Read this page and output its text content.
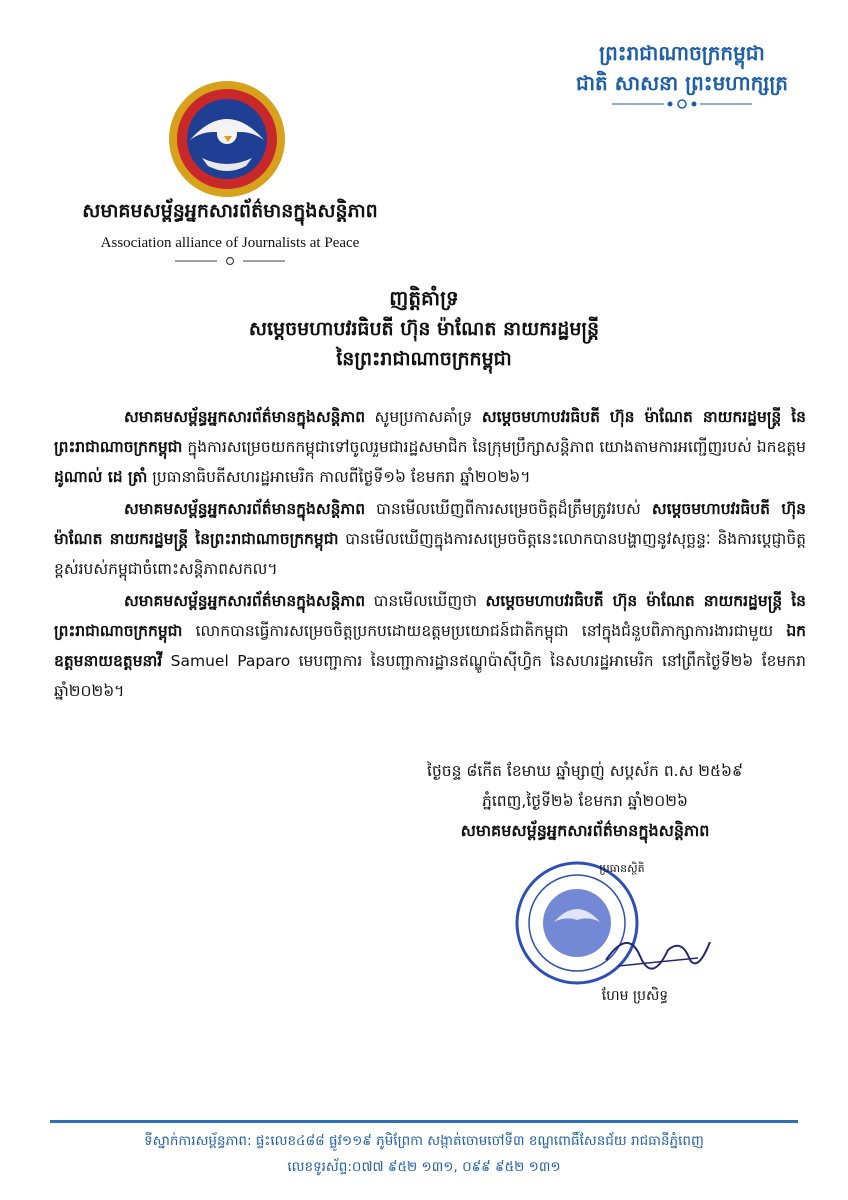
ព្រះរាជាណាចក្រកម្ពុជា
ជាតិ សាសនា ព្រះមហាក្សត្រ
សមាគមសម្ព័ន្ធអ្នកសារព័ត៌មានក្នុងសន្តិភាព
Association alliance of Journalists at Peace
ញត្តិគាំទ្រ
សម្តេចមហាបវរធិបតី ហ៊ុន ម៉ាណែត នាយករដ្ឋមន្ត្រី
នៃព្រះរាជាណាចក្រកម្ពុជា

សមាគមសម្ព័ន្ធអ្នកសារព័ត៌មានក្នុងសន្តិភាព សូមប្រកាសគាំទ្រ សម្តេចមហាបវរធិបតី ហ៊ុន ម៉ាណែត នាយករដ្ឋមន្ត្រី នៃព្រះរាជាណាចក្រកម្ពុជា ក្នុងការសម្រេចយកកម្ពុជាទៅចូលរួមជារដ្ឋសមាជិក នៃក្រុមប្រឹក្សាសន្តិភាព យោងតាមការអញ្ជើញរបស់ ឯកឧត្តម ដូណាល់ ដេ ត្រាំ ប្រធានាធិបតីសហរដ្ឋអាមេរិក កាលពីថ្ងៃទី១៦ ខែមករា ឆ្នាំ២០២៦។

សមាគមសម្ព័ន្ធអ្នកសារព័ត៌មានក្នុងសន្តិភាព បានមើលឃើញពីការសម្រេចចិត្តដ៏ត្រឹមត្រូវរបស់ សម្តេចមហាបវរធិបតី ហ៊ុន ម៉ាណែត នាយករដ្ឋមន្ត្រី នៃព្រះរាជាណាចក្រកម្ពុជា បានមើលឃើញក្នុងការសម្រេចចិត្តនេះលោកបានបង្ហាញនូវសុច្ឆន្ទៈ និងការប្តេជ្ញាចិត្តខ្ពស់របស់កម្ពុជាចំពោះសន្តិភាពសកល។

សមាគមសម្ព័ន្ធអ្នកសារព័ត៌មានក្នុងសន្តិភាព បានមើលឃើញថា សម្តេចមហាបវរធិបតី ហ៊ុន ម៉ាណែត នាយករដ្ឋមន្ត្រី នៃព្រះរាជាណាចក្រកម្ពុជា លោកបានធ្វើការសម្រេចចិត្តប្រកបដោយឧត្តមប្រយោជន៍ជាតិកម្ពុជា នៅក្នុងជំនួបពិភាក្សាការងារជាមួយ ឯកឧត្តមនាយឧត្តមនាវី Samuel Paparo មេបញ្ជាការ នៃបញ្ជាការដ្ឋានឥណ្ឌូប៉ាស៊ីហ្វិក នៃសហរដ្ឋអាមេរិក នៅព្រឹកថ្ងៃទី២៦ ខែមករា ឆ្នាំ២០២៦។

ថ្ងៃចន្ទ ៨កើត ខែមាឃ ឆ្នាំម្សាញ់ សប្តស័ក ព.ស ២៥៦៩
ភ្នំពេញ,ថ្ងៃទី២៦ ខែមករា ឆ្នាំ២០២៦
សមាគមសម្ព័ន្ធអ្នកសារព័ត៌មានក្នុងសន្តិភាព
ប្រធានស្ថិតិ
ហែម ប្រសិទ្ធ
ទីស្នាក់ការសម្ព័ន្ធភាព: ផ្ទះលេខ៤៨៨ ផ្លូវ១១៩ ភូមិព្រែកា សង្កាត់ចោមចៅទី៣ ខណ្ឌពោធិ៍សែនជ័យ រាជធានីភ្នំពេញ
លេខទូរស័ព្ទ:០៧៧ ៩៥២ ១៣១, ០៩៩ ៩៥២ ១៣១
